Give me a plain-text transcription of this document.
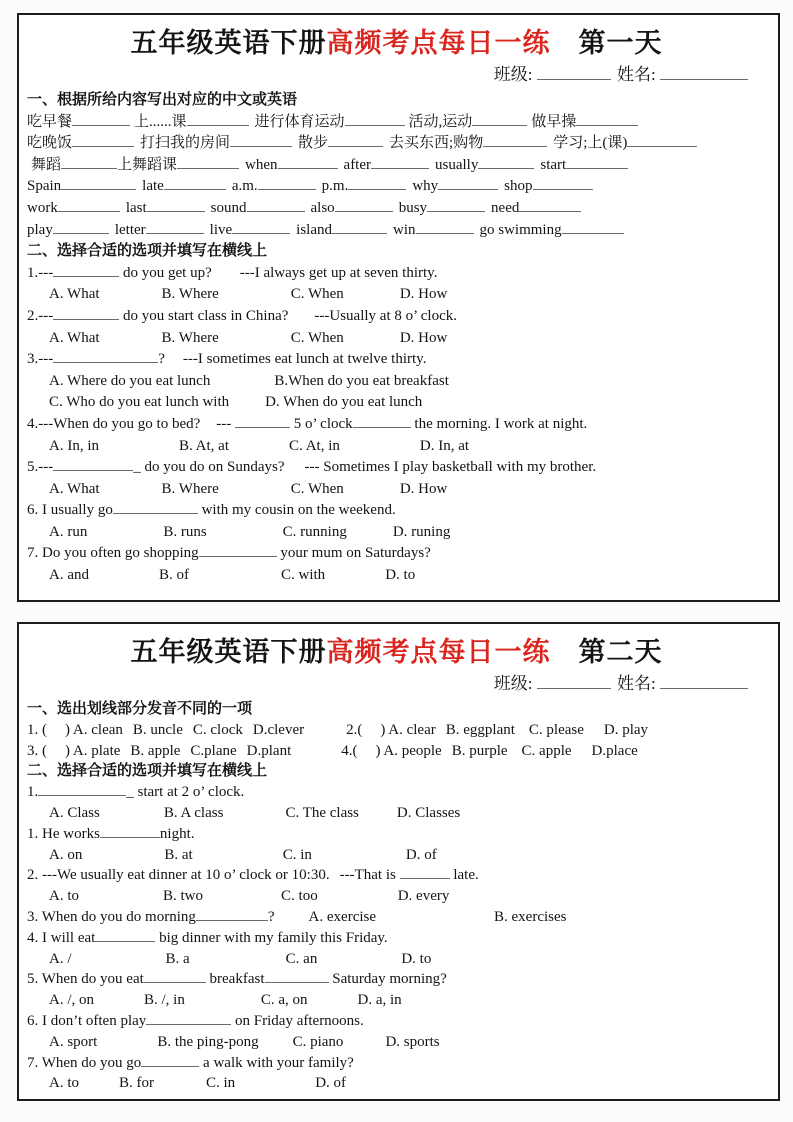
五年级英语下册高频考点每日一练 第一天
班级:	姓名:
一、根据所给内容写出对应的中文或英语
吃早餐	上......课	进行体育运动	活动,运动	做早操
吃晚饭	打扫我的房间	散步	去买东西;购物	学习;上(课)
舞蹈	上舞蹈课	when	after	usually	start
Spain	late	a.m.	p.m.	why	shop
work	last	sound	also	busy	need
play	letter	live	island	win	go swimming
二、选择合适的选项并填写在横线上
1.---	do you get up? ---I always get up at seven thirty.
A. What	B. Where	C. When	D. How
2.---	do you start class in China? ---Usually at 8 o’ clock.
A. What	B. Where	C. When	D. How
3.---	? ---I sometimes eat lunch at twelve thirty.
A. Where do you eat lunch	B.When do you eat breakfast
C. Who do you eat lunch with D. When do you eat lunch
4.---When do you go to bed? ---	5 o’ clock	the morning. I work at night.
A. In, in	B. At, at	C. At, in	D. In, at
5.---	_ do you do on Sundays? --- Sometimes I play basketball with my brother.
A. What	B. Where	C. When	D. How
6. I usually go	with my cousin on the weekend.
A. run	B. runs	C. running	D. runing
7. Do you often go shopping	your mum on Saturdays?
A. and	B. of	C. with	D. to
五年级英语下册高频考点每日一练 第二天
班级:	姓名:
一、选出划线部分发音不同的一项
1. ( ) A. clean B. uncle C. clock D.clever	2.( ) A. clear B. eggplant C. please D. play
3. ( ) A. plate B. apple C.plane D.plant	4.( ) A. people B. purple C. apple D.place
二、选择合适的选项并填写在横线上
1.	_ start at 2 o’ clock.
A. Class	B. A class	C. The class	D. Classes
1. He works	night.
A. on	B. at	C. in	D. of
2. ---We usually eat dinner at 10 o’ clock or 10:30. ---That is	late.
A. to	B. two	C. too	D. every
3. When do you do morning	? A. exercise	B. exercises
4. I will eat	big dinner with my family this Friday.
A. /	B. a	C. an	D. to
5. When do you eat	breakfast	Saturday morning?
A. /, on	B. /, in	C. a, on	D. a, in
6. I don’t often play	on Friday afternoons.
A. sport	B. the ping-pong C. piano	D. sports
7. When do you go	a walk with your family?
A. to	B. for	C. in	D. of
